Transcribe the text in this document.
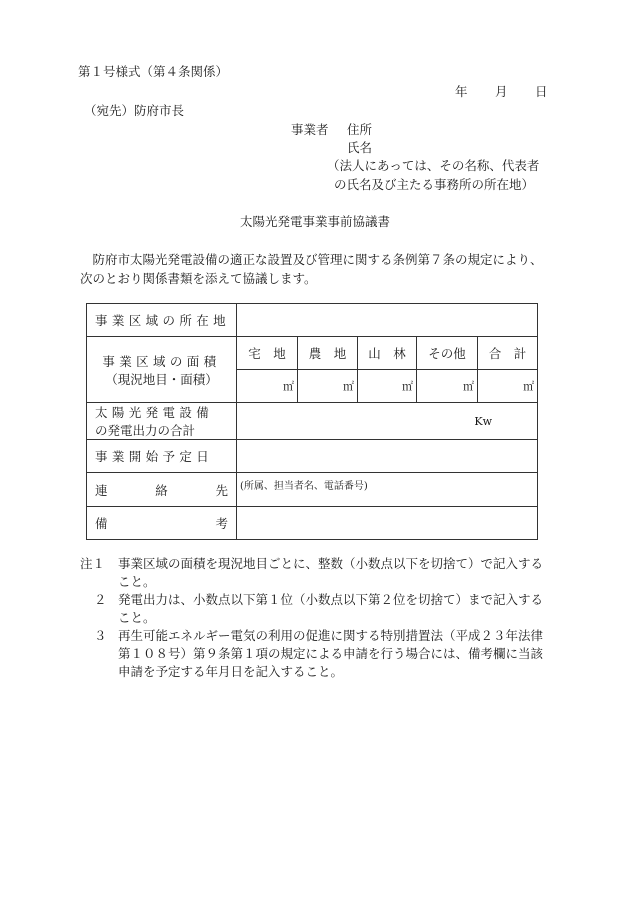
第１号様式（第４条関係）
年 月 日
（宛先）防府市長
事業者 住所
氏名
（法人にあっては、その名称、代表者
の氏名及び主たる事務所の所在地）
太陽光発電事業事前協議書
防府市太陽光発電設備の適正な設置及び管理に関する条例第７条の規定により、次のとおり関係書類を添えて協議します。
事業区域の所在地					

事業区域の面積
（現況地目・面積）	宅　地	農　地	山　林	その他	合　計
	㎡	㎡	㎡	㎡	㎡

太陽光発電設備
の発電出力の合計	Kw				
事業開始予定日					
連絡先	(所属、担当者名、電話番号)				
備考					
注１ 事業区域の面積を現況地目ごとに、整数（小数点以下を切捨て）で記入すること。
２ 発電出力は、小数点以下第１位（小数点以下第２位を切捨て）まで記入すること。
３ 再生可能エネルギー電気の利用の促進に関する特別措置法（平成２３年法律第１０８号）第９条第１項の規定による申請を行う場合には、備考欄に当該申請を予定する年月日を記入すること。
